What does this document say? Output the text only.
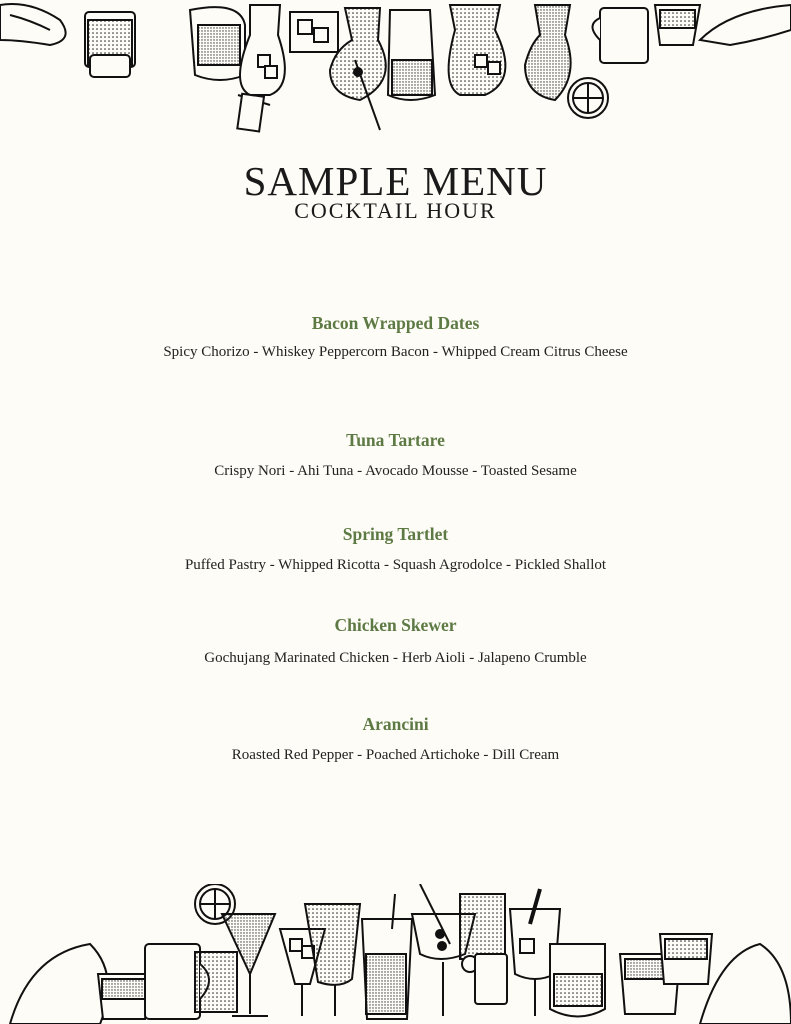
SAMPLE MENU
COCKTAIL HOUR

Bacon Wrapped Dates

Spicy Chorizo - Whiskey Peppercorn Bacon - Whipped Cream Citrus Cheese

Tuna Tartare

Crispy Nori - Ahi Tuna - Avocado Mousse - Toasted Sesame

Spring Tartlet

Puffed Pastry - Whipped Ricotta - Squash Agrodolce - Pickled Shallot

Chicken Skewer

Gochujang Marinated Chicken - Herb Aioli - Jalapeno Crumble

Arancini

Roasted Red Pepper - Poached Artichoke - Dill Cream
